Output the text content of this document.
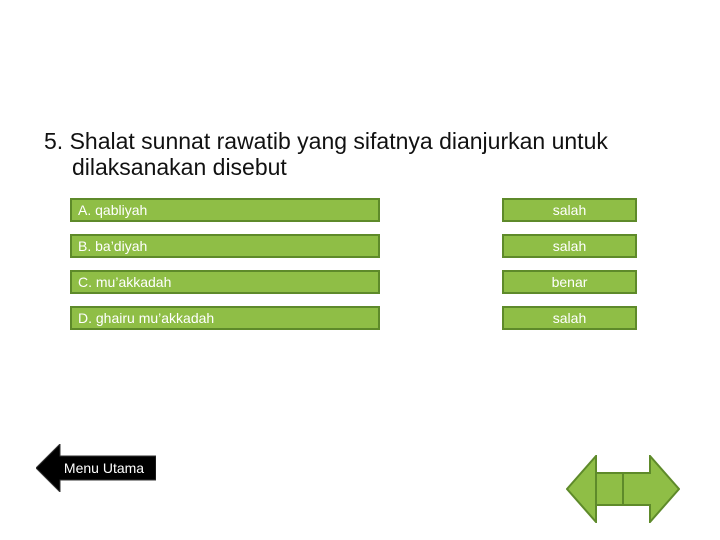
5. Shalat sunnat rawatib yang sifatnya dianjurkan untuk dilaksanakan disebut
A. qabliyah	salah
B. ba’diyah	salah
C. mu’akkadah	benar
D. ghairu mu’akkadah	salah
Menu Utama
